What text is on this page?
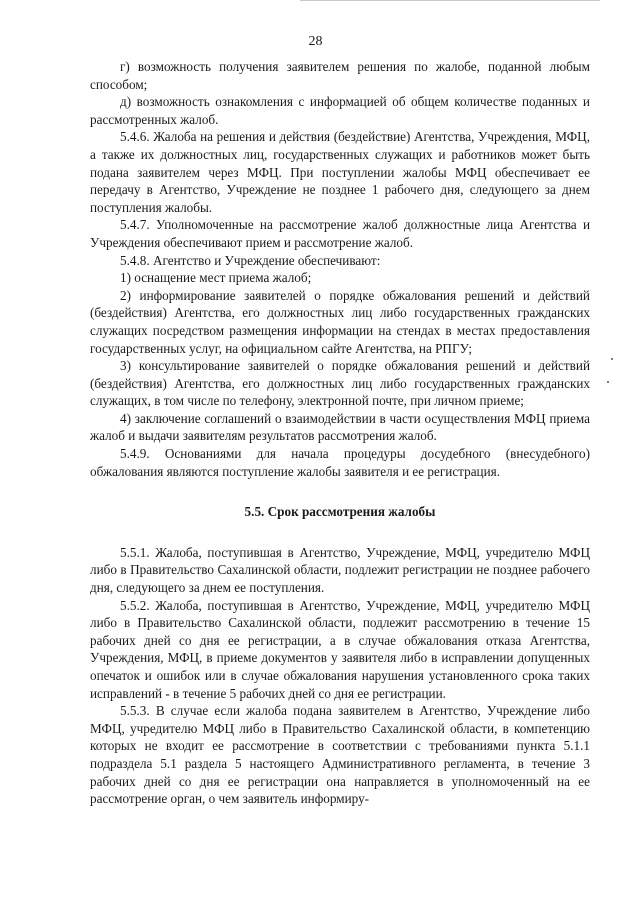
28

г) возможность получения заявителем решения по жалобе, поданной любым способом;

д) возможность ознакомления с информацией об общем количестве поданных и рассмотренных жалоб.

5.4.6. Жалоба на решения и действия (бездействие) Агентства, Учреждения, МФЦ, а также их должностных лиц, государственных служащих и работников может быть подана заявителем через МФЦ. При поступлении жалобы МФЦ обеспечивает ее передачу в Агентство, Учреждение не позднее 1 рабочего дня, следующего за днем поступления жалобы.

5.4.7. Уполномоченные на рассмотрение жалоб должностные лица Агентства и Учреждения обеспечивают прием и рассмотрение жалоб.

5.4.8. Агентство и Учреждение обеспечивают:

1) оснащение мест приема жалоб;

2) информирование заявителей о порядке обжалования решений и действий (бездействия) Агентства, его должностных лиц либо государственных гражданских служащих посредством размещения информации на стендах в местах предоставления государственных услуг, на официальном сайте Агентства, на РПГУ;

3) консультирование заявителей о порядке обжалования решений и действий (бездействия) Агентства, его должностных лиц либо государственных гражданских служащих, в том числе по телефону, электронной почте, при личном приеме;

4) заключение соглашений о взаимодействии в части осуществления МФЦ приема жалоб и выдачи заявителям результатов рассмотрения жалоб.

5.4.9. Основаниями для начала процедуры досудебного (внесудебного) обжалования являются поступление жалобы заявителя и ее регистрация.

5.5. Срок рассмотрения жалобы

5.5.1. Жалоба, поступившая в Агентство, Учреждение, МФЦ, учредителю МФЦ либо в Правительство Сахалинской области, подлежит регистрации не позднее рабочего дня, следующего за днем ее поступления.

5.5.2. Жалоба, поступившая в Агентство, Учреждение, МФЦ, учредителю МФЦ либо в Правительство Сахалинской области, подлежит рассмотрению в течение 15 рабочих дней со дня ее регистрации, а в случае обжалования отказа Агентства, Учреждения, МФЦ, в приеме документов у заявителя либо в исправлении допущенных опечаток и ошибок или в случае обжалования нарушения установленного срока таких исправлений - в течение 5 рабочих дней со дня ее регистрации.

5.5.3. В случае если жалоба подана заявителем в Агентство, Учреждение либо МФЦ, учредителю МФЦ либо в Правительство Сахалинской области, в компетенцию которых не входит ее рассмотрение в соответствии с требованиями пункта 5.1.1 подраздела 5.1 раздела 5 настоящего Административного регламента, в течение 3 рабочих дней со дня ее регистрации она направляется в уполномоченный на ее рассмотрение орган, о чем заявитель информиру-
